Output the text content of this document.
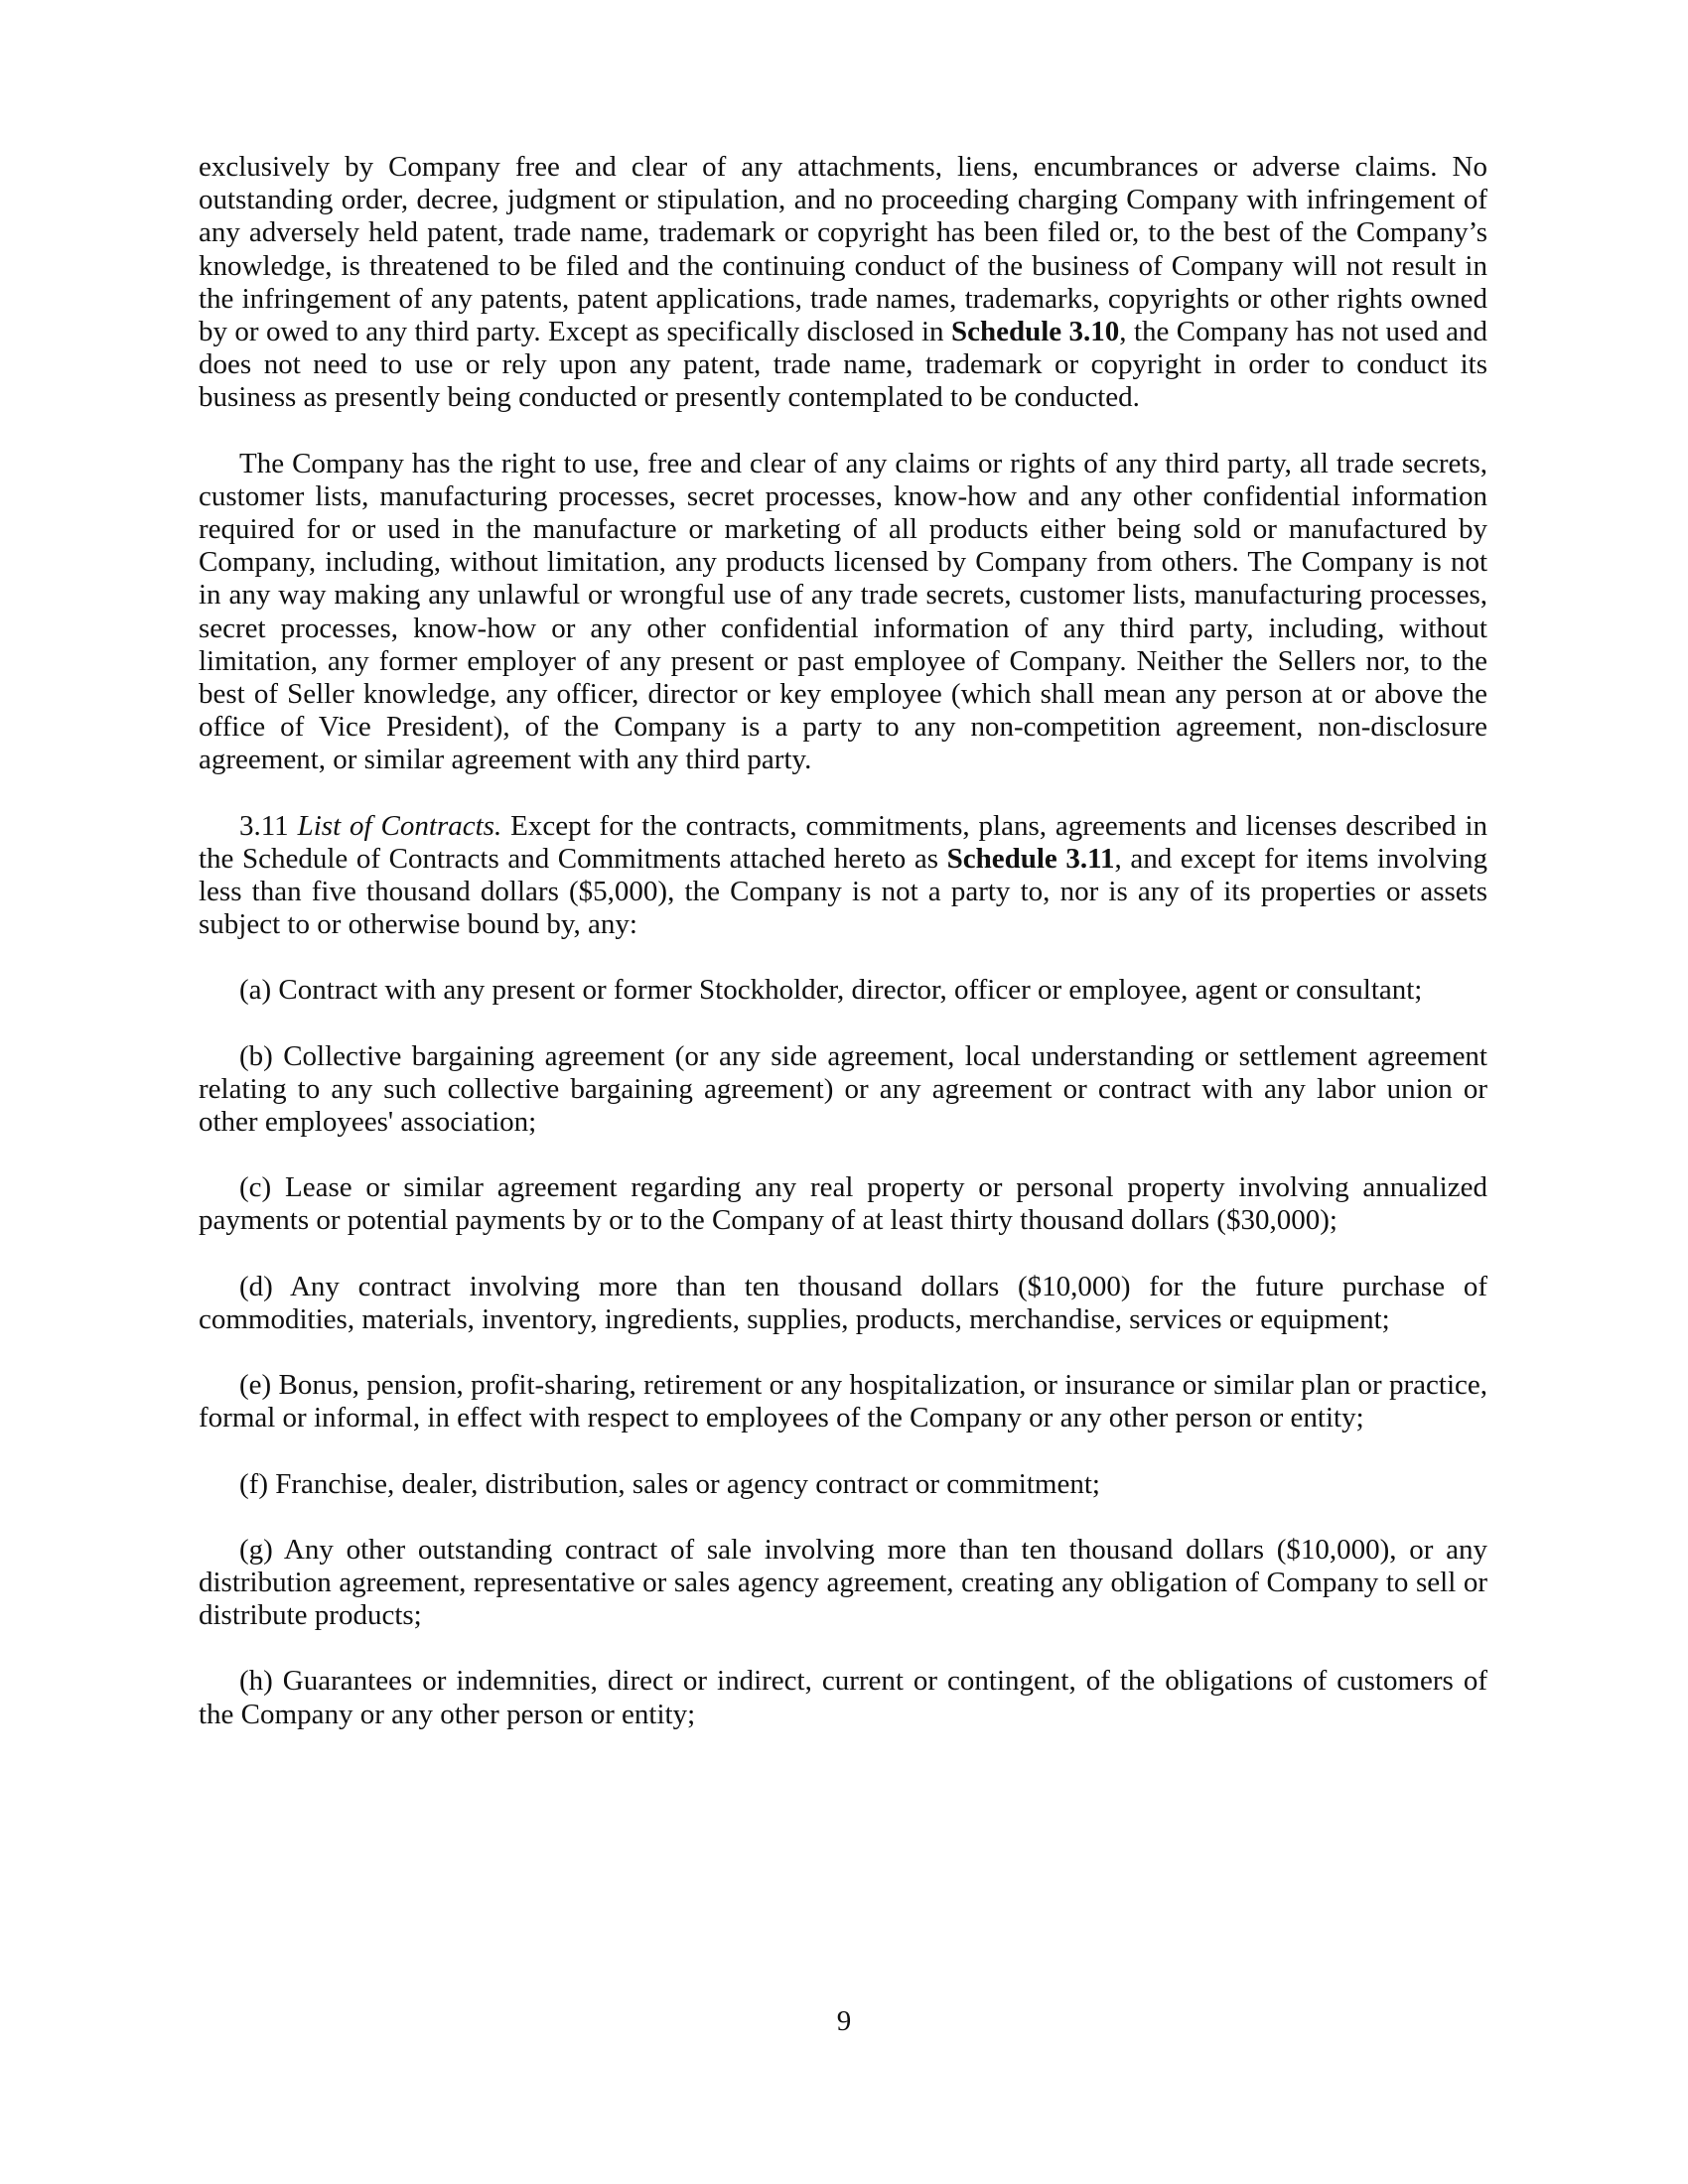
exclusively by Company free and clear of any attachments, liens, encumbrances or adverse claims. No outstanding order, decree, judgment or stipulation, and no proceeding charging Company with infringement of any adversely held patent, trade name, trademark or copyright has been filed or, to the best of the Company’s knowledge, is threatened to be filed and the continuing conduct of the business of Company will not result in the infringement of any patents, patent applications, trade names, trademarks, copyrights or other rights owned by or owed to any third party. Except as specifically disclosed in Schedule 3.10, the Company has not used and does not need to use or rely upon any patent, trade name, trademark or copyright in order to conduct its business as presently being conducted or presently contemplated to be conducted.

The Company has the right to use, free and clear of any claims or rights of any third party, all trade secrets, customer lists, manufacturing processes, secret processes, know-how and any other confidential information required for or used in the manufacture or marketing of all products either being sold or manufactured by Company, including, without limitation, any products licensed by Company from others. The Company is not in any way making any unlawful or wrongful use of any trade secrets, customer lists, manufacturing processes, secret processes, know-how or any other confidential information of any third party, including, without limitation, any former employer of any present or past employee of Company. Neither the Sellers nor, to the best of Seller knowledge, any officer, director or key employee (which shall mean any person at or above the office of Vice President), of the Company is a party to any non-competition agreement, non-disclosure agreement, or similar agreement with any third party.

3.11 List of Contracts. Except for the contracts, commitments, plans, agreements and licenses described in the Schedule of Contracts and Commitments attached hereto as Schedule 3.11, and except for items involving less than five thousand dollars ($5,000), the Company is not a party to, nor is any of its properties or assets subject to or otherwise bound by, any:

(a) Contract with any present or former Stockholder, director, officer or employee, agent or consultant;

(b) Collective bargaining agreement (or any side agreement, local understanding or settlement agreement relating to any such collective bargaining agreement) or any agreement or contract with any labor union or other employees' association;

(c) Lease or similar agreement regarding any real property or personal property involving annualized payments or potential payments by or to the Company of at least thirty thousand dollars ($30,000);

(d) Any contract involving more than ten thousand dollars ($10,000) for the future purchase of commodities, materials, inventory, ingredients, supplies, products, merchandise, services or equipment;

(e) Bonus, pension, profit-sharing, retirement or any hospitalization, or insurance or similar plan or practice, formal or informal, in effect with respect to employees of the Company or any other person or entity;

(f) Franchise, dealer, distribution, sales or agency contract or commitment;

(g) Any other outstanding contract of sale involving more than ten thousand dollars ($10,000), or any distribution agreement, representative or sales agency agreement, creating any obligation of Company to sell or distribute products;

(h) Guarantees or indemnities, direct or indirect, current or contingent, of the obligations of customers of the Company or any other person or entity;

9
